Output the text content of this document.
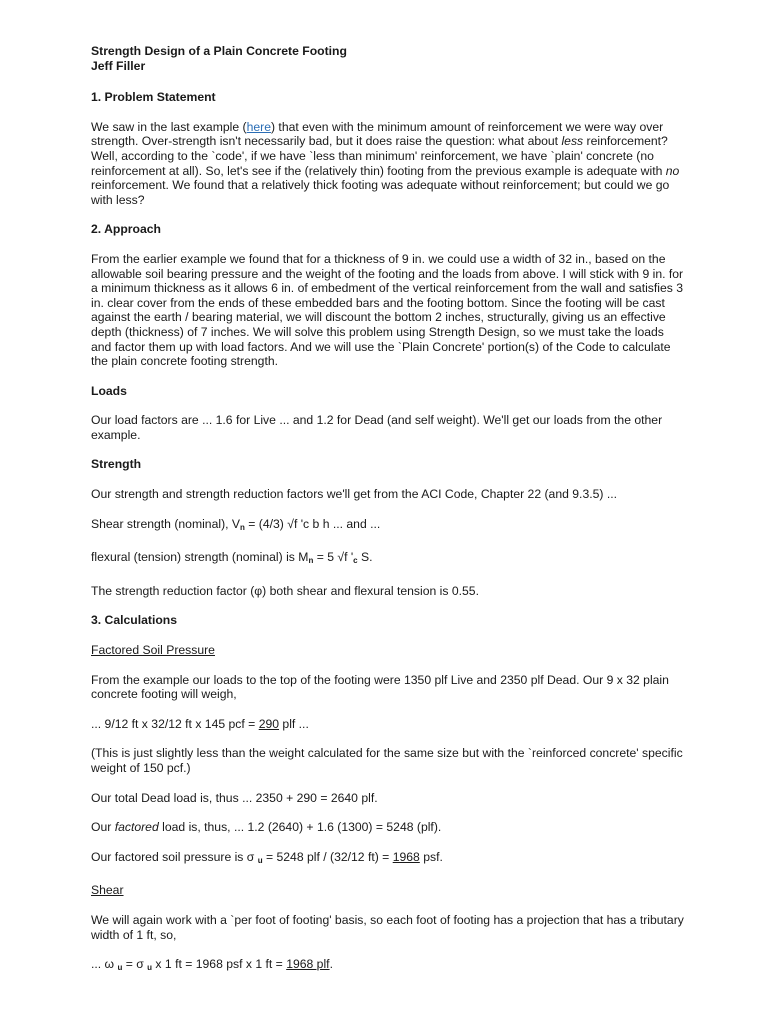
Strength Design of a Plain Concrete Footing

Jeff Filler

1. Problem Statement

We saw in the last example (here) that even with the minimum amount of reinforcement we were way over strength. Over-strength isn't necessarily bad, but it does raise the question: what about less reinforcement? Well, according to the `code', if we have `less than minimum' reinforcement, we have `plain' concrete (no reinforcement at all). So, let's see if the (relatively thin) footing from the previous example is adequate with no reinforcement. We found that a relatively thick footing was adequate without reinforcement; but could we go with less?

2. Approach

From the earlier example we found that for a thickness of 9 in. we could use a width of 32 in., based on the allowable soil bearing pressure and the weight of the footing and the loads from above. I will stick with 9 in. for a minimum thickness as it allows 6 in. of embedment of the vertical reinforcement from the wall and satisfies 3 in. clear cover from the ends of these embedded bars and the footing bottom. Since the footing will be cast against the earth / bearing material, we will discount the bottom 2 inches, structurally, giving us an effective depth (thickness) of 7 inches. We will solve this problem using Strength Design, so we must take the loads and factor them up with load factors. And we will use the `Plain Concrete' portion(s) of the Code to calculate the plain concrete footing strength.

Loads

Our load factors are ... 1.6 for Live ... and 1.2 for Dead (and self weight). We'll get our loads from the other example.

Strength

Our strength and strength reduction factors we'll get from the ACI Code, Chapter 22 (and 9.3.5) ...

Shear strength (nominal), $V_n = (4/3)$ √f 'c b h ... and ...

flexural (tension) strength (nominal) is $M_n = 5$ √f '$_c$ S.

The strength reduction factor (φ) both shear and flexural tension is 0.55.

3. Calculations

Factored Soil Pressure

From the example our loads to the top of the footing were 1350 plf Live and 2350 plf Dead. Our 9 x 32 plain concrete footing will weigh,

... 9/12 ft x 32/12 ft x 145 pcf = 290 plf ...

(This is just slightly less than the weight calculated for the same size but with the `reinforced concrete' specific weight of 150 pcf.)

Our total Dead load is, thus ... 2350 + 290 = 2640 plf.

Our factored load is, thus, ... 1.2 (2640) + 1.6 (1300) = 5248 (plf).

Our factored soil pressure is σ $_u$ = 5248 plf / (32/12 ft) = 1968 psf.

Shear

We will again work with a `per foot of footing' basis, so each foot of footing has a projection that has a tributary width of 1 ft, so,

... ω $_u$ = σ $_u$ x 1 ft = 1968 psf x 1 ft = 1968 plf.
